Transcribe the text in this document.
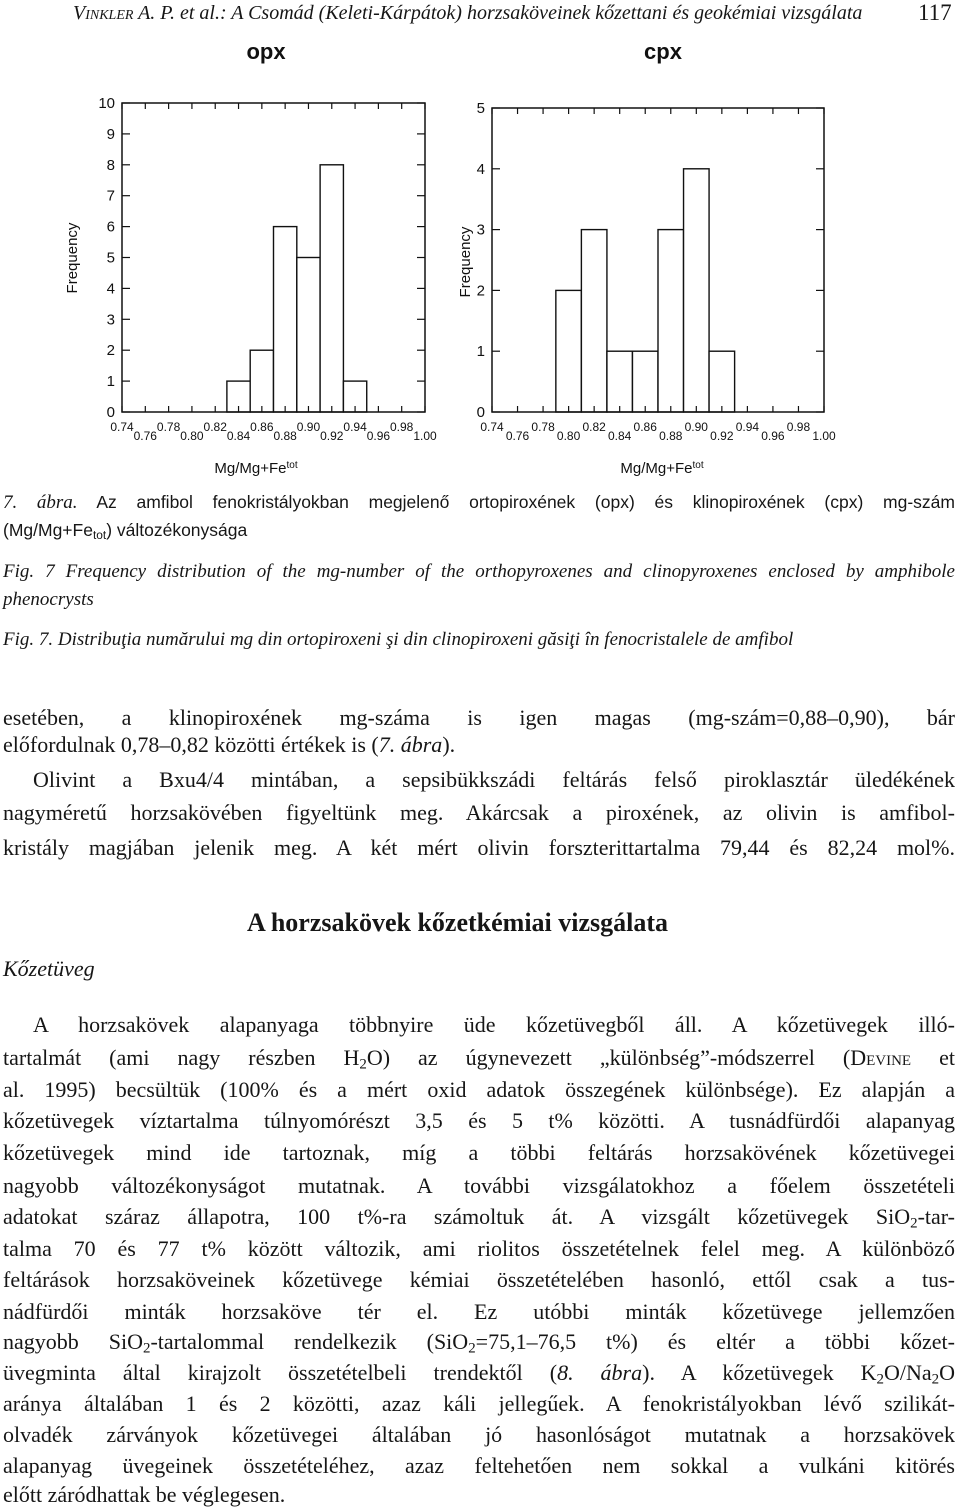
Vinkler A. P. et al.: A Csomád (Keleti-Kárpátok) horzsaköveinek kőzettani és geokémiai vizsgálata 117
opx	cpx
Frequency	Frequency
$Mg/Mg+Fe^{tot}$	$Mg/Mg+Fe^{tot}$
0
1
2
3
4
5
6
7
8
9
10
0.74
0.76
0.78
0.80
0.82
0.84
0.86
0.88
0.90
0.92
0.94
0.96
0.98
1.00
0
1
2
3
4
5
0.74
0.76
0.78
0.80
0.82
0.84
0.86
0.88
0.90
0.92
0.94
0.96
0.98
1.00
7. ábra. Az amfibol fenokristályokban megjelenő ortopiroxének (opx) és klinopiroxének (cpx) mg-szám
$(Mg/Mg+Fe_{tot})$ változékonysága
Fig. 7 Frequency distribution of the mg-number of the orthopyroxenes and clinopyroxenes enclosed by amphibole
phenocrysts
Fig. 7. Distribuţia numărului mg din ortopiroxeni şi din clinopiroxeni găsiţi în fenocristalele de amfibol
esetében, a klinopiroxének mg-száma is igen magas (mg-szám=0,88–0,90), bár
előfordulnak 0,78–0,82 közötti értékek is (7. ábra).
Olivint a Bxu4/4 mintában, a sepsibükkszádi feltárás felső piroklasztár üledékének
nagyméretű horzsakövében figyeltünk meg. Akárcsak a piroxének, az olivin is amfibol-
kristály magjában jelenik meg. A két mért olivin forszterittartalma 79,44 és 82,24 mol%.
A horzsakövek kőzetkémiai vizsgálata
Kőzetüveg
A horzsakövek alapanyaga többnyire üde kőzetüvegből áll. A kőzetüvegek illó-
tartalmát (ami nagy részben $H_2O$) az úgynevezett „különbség”-módszerrel (Devine et
al. 1995) becsültük (100% és a mért oxid adatok összegének különbsége). Ez alapján a
kőzetüvegek víztartalma túlnyomórészt 3,5 és 5 t% közötti. A tusnádfürdői alapanyag
kőzetüvegek mind ide tartoznak, míg a többi feltárás horzsakövének kőzetüvegei
nagyobb változékonyságot mutatnak. A további vizsgálatokhoz a főelem összetételi
adatokat száraz állapotra, 100 t%-ra számoltuk át. A vizsgált kőzetüvegek SiO$_2$-tar-
talma 70 és 77 t% között változik, ami riolitos összetételnek felel meg. A különböző
feltárások horzsaköveinek kőzetüvege kémiai összetételében hasonló, ettől csak a tus-
nádfürdői minták horzsaköve tér el. Ez utóbbi minták kőzetüvege jellemzően
nagyobb SiO$_2$-tartalommal rendelkezik (SiO$_2$=75,1–76,5 t%) és eltér a többi kőzet-
üvegminta által kirajzolt összetételbeli trendektől (8. ábra). A kőzetüvegek $K_2O/Na_2O$
aránya általában 1 és 2 közötti, azaz káli jellegűek. A fenokristályokban lévő szilikát-
olvadék zárványok kőzetüvegei általában jó hasonlóságot mutatnak a horzsakövek
alapanyag üvegeinek összetételéhez, azaz feltehetően nem sokkal a vulkáni kitörés
előtt záródhattak be véglegesen.
